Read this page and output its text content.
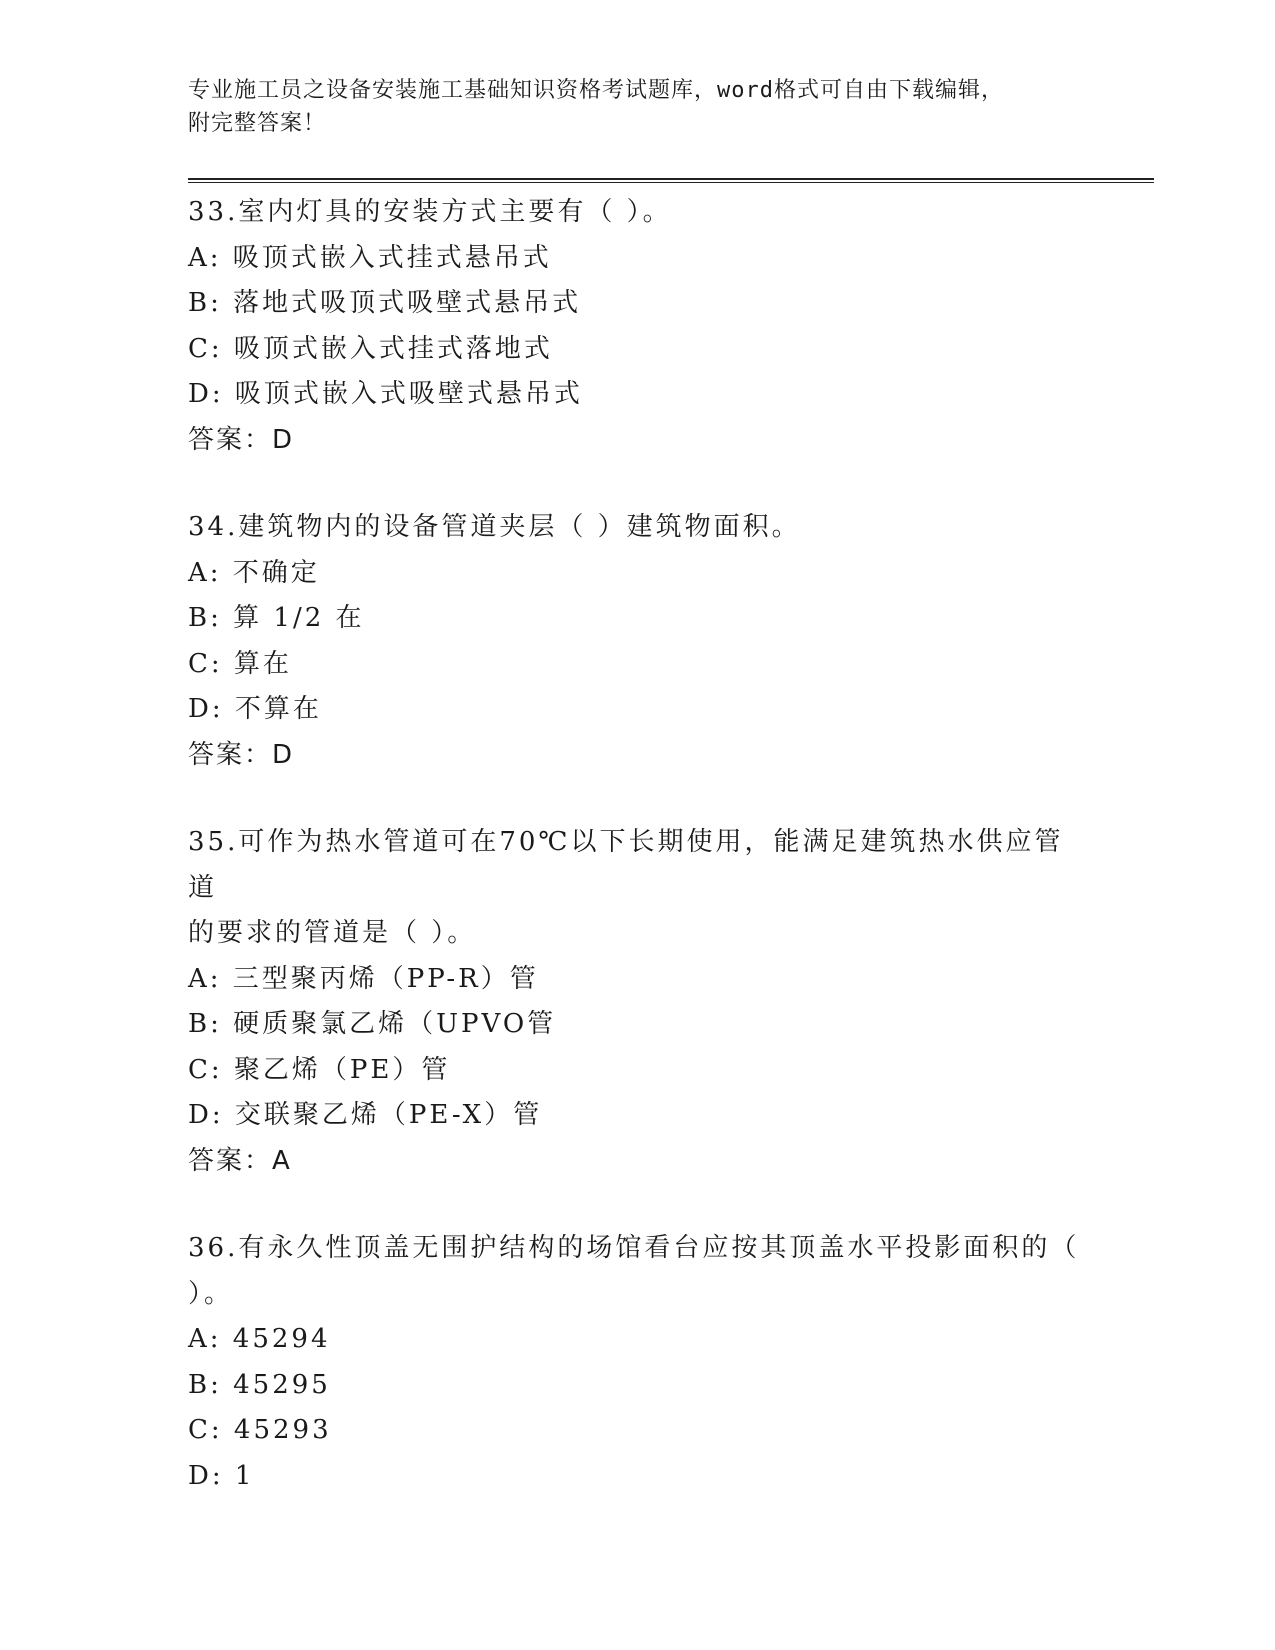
专业施工员之设备安装施工基础知识资格考试题库，word格式可自由下载编辑，
附完整答案！
33.室内灯具的安装方式主要有（ ）。
A: 吸顶式嵌入式挂式悬吊式
B: 落地式吸顶式吸壁式悬吊式
C: 吸顶式嵌入式挂式落地式
D: 吸顶式嵌入式吸壁式悬吊式
答案：D
34.建筑物内的设备管道夹层（ ）建筑物面积。
A: 不确定
B: 算 1/2 在
C: 算在
D: 不算在
答案：D
35.可作为热水管道可在70℃以下长期使用，能满足建筑热水供应管道
的要求的管道是（ ）。
A: 三型聚丙烯（PP-R）管
B: 硬质聚氯乙烯（UPVO管
C: 聚乙烯（PE）管
D: 交联聚乙烯（PE-X）管
答案：A
36.有永久性顶盖无围护结构的场馆看台应按其顶盖水平投影面积的（
）。
A: 45294
B: 45295
C: 45293
D: 1
